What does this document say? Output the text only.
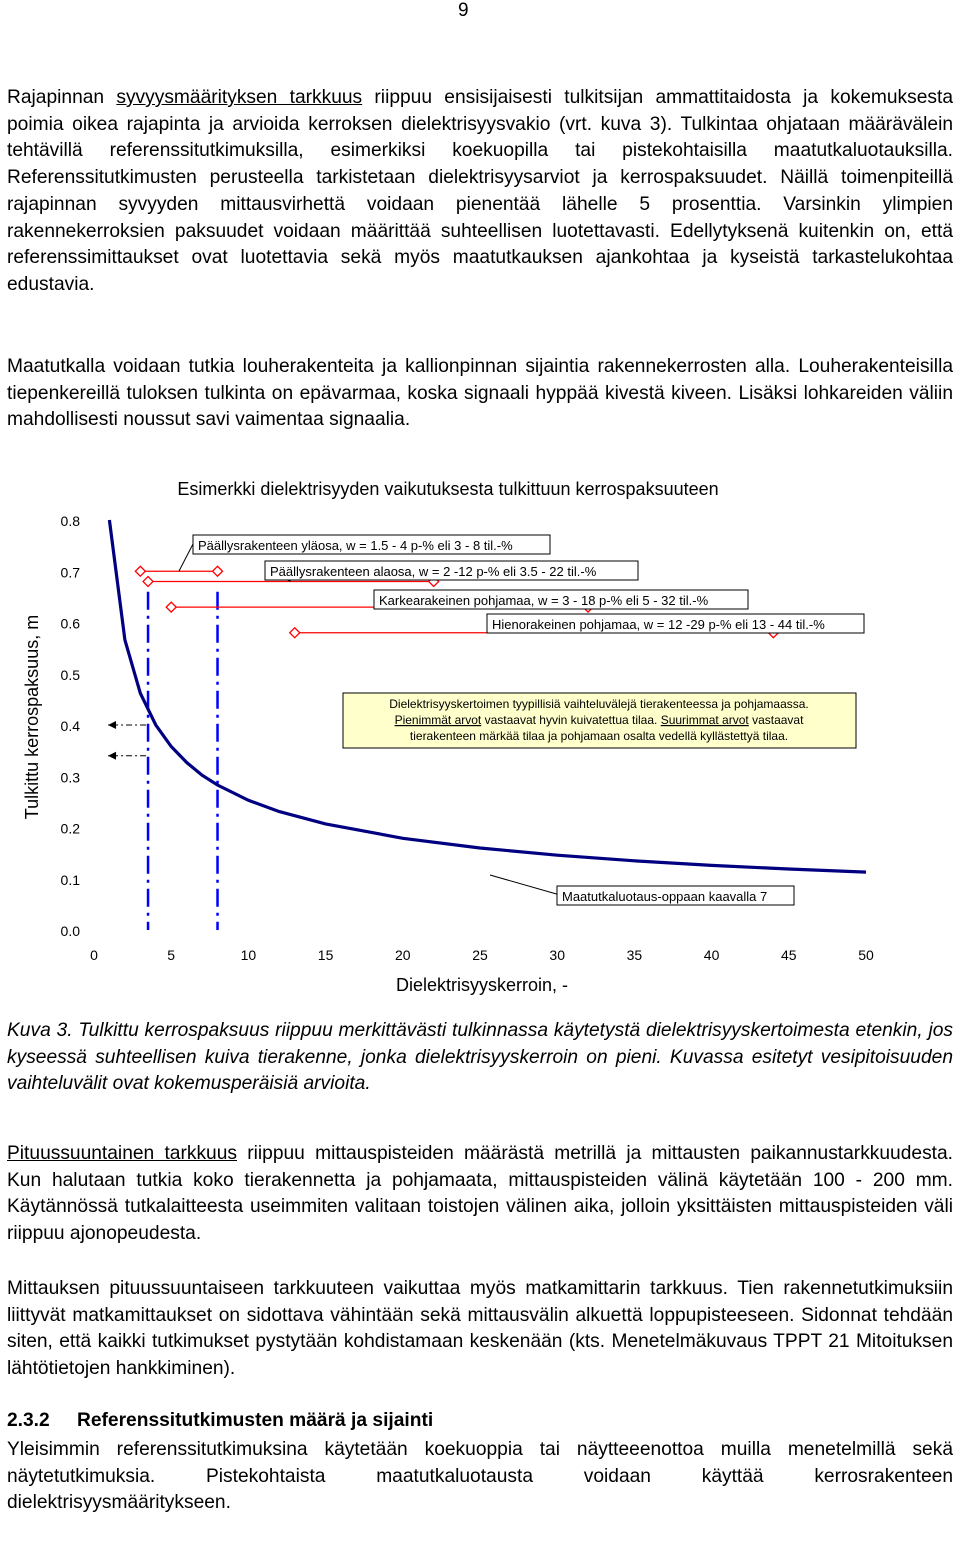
9

Rajapinnan syvyysmäärityksen tarkkuus riippuu ensisijaisesti tulkitsijan ammattitaidosta ja kokemuksesta poimia oikea rajapinta ja arvioida kerroksen dielektrisyysvakio (vrt. kuva 3). Tulkintaa ohjataan määrävälein tehtävillä referenssitutkimuksilla, esimerkiksi koekuopilla tai pistekohtaisilla maatutkaluotauksilla. Referenssitutkimusten perusteella tarkistetaan dielektrisyysarviot ja kerrospaksuudet. Näillä toimenpiteillä rajapinnan syvyyden mittausvirhettä voidaan pienentää lähelle 5 prosenttia. Varsinkin ylimpien rakennekerroksien paksuudet voidaan määrittää suhteellisen luotettavasti. Edellytyksenä kuitenkin on, että referenssimittaukset ovat luotettavia sekä myös maatutkauksen ajankohtaa ja kyseistä tarkastelukohtaa edustavia.

Maatutkalla voidaan tutkia louherakenteita ja kallionpinnan sijaintia rakennekerrosten alla. Louherakenteisilla tiepenkereillä tuloksen tulkinta on epävarmaa, koska signaali hyppää kivestä kiveen. Lisäksi lohkareiden väliin mahdollisesti noussut savi vaimentaa signaalia.

Esimerkki dielektrisyyden vaikutuksesta tulkittuun kerrospaksuuteen
Tulkittu kerrospaksuus, m
Dielektrisyyskerroin, -
0.0
0.1
0.2
0.3
0.4
0.5
0.6
0.7
0.8
0	5	10	15	20	25	30	35	40	45	50
Päällysrakenteen yläosa, w = 1.5 - 4 p-% eli 3 - 8 til.-%
Päällysrakenteen alaosa, w = 2 -12 p-% eli 3.5 - 22 til.-%
Karkearakeinen pohjamaa, w = 3 - 18 p-% eli 5 - 32 til.-%
Hienorakeinen pohjamaa, w = 12 -29 p-% eli 13 - 44 til.-%
Dielektrisyyskertoimen tyypillisiä vaihteluvälejä tierakenteessa ja pohjamaassa.
Pienimmät arvot vastaavat hyvin kuivatettua tilaa. Suurimmat arvot vastaavat
tierakenteen märkää tilaa ja pohjamaan osalta vedellä kyllästettyä tilaa.
Maatutkaluotaus-oppaan kaavalla 7

Kuva 3. Tulkittu kerrospaksuus riippuu merkittävästi tulkinnassa käytetystä dielektrisyyskertoimesta etenkin, jos kyseessä suhteellisen kuiva tierakenne, jonka dielektrisyyskerroin on pieni. Kuvassa esitetyt vesipitoisuuden vaihteluvälit ovat kokemusperäisiä arvioita.

Pituussuuntainen tarkkuus riippuu mittauspisteiden määrästä metrillä ja mittausten paikannustarkkuudesta. Kun halutaan tutkia koko tierakennetta ja pohjamaata, mittauspisteiden välinä käytetään 100 - 200 mm. Käytännössä tutkalaitteesta useimmiten valitaan toistojen välinen aika, jolloin yksittäisten mittauspisteiden väli riippuu ajonopeudesta.

Mittauksen pituussuuntaiseen tarkkuuteen vaikuttaa myös matkamittarin tarkkuus. Tien rakennetutkimuksiin liittyvät matkamittaukset on sidottava vähintään sekä mittausvälin alkuettä loppupisteeseen. Sidonnat tehdään siten, että kaikki tutkimukset pystytään kohdistamaan keskenään (kts. Menetelmäkuvaus TPPT 21 Mitoituksen lähtötietojen hankkiminen).

2.3.2 Referenssitutkimusten määrä ja sijainti

Yleisimmin referenssitutkimuksina käytetään koekuoppia tai näytteeenottoa muilla menetelmillä sekä näytetutkimuksia. Pistekohtaista maatutkaluotausta voidaan käyttää kerrosrakenteen dielektrisyysmääritykseen.
